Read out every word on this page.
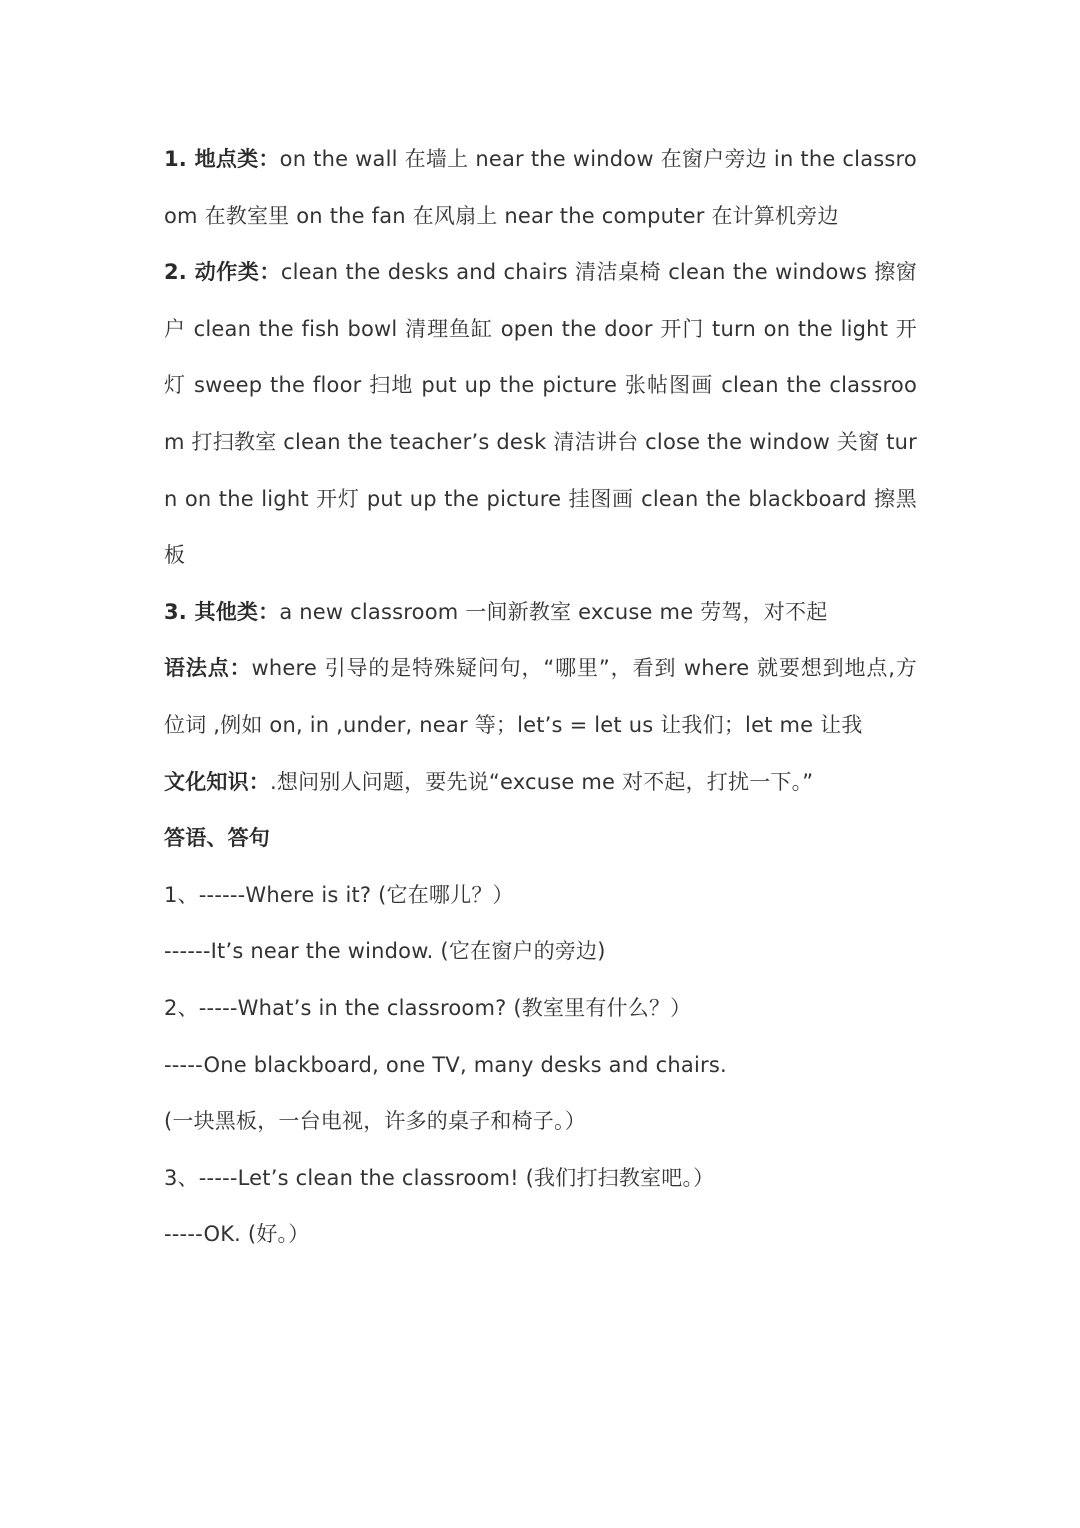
1. 地点类：on the wall 在墙上 near the window 在窗户旁边 in the classroom 在教室里 on the fan 在风扇上 near the computer 在计算机旁边

2. 动作类：clean the desks and chairs 清洁桌椅 clean the windows 擦窗户 clean the fish bowl 清理鱼缸 open the door 开门 turn on the light 开灯 sweep the floor 扫地 put up the picture 张帖图画 clean the classroom 打扫教室 clean the teacher’s desk 清洁讲台 close the window 关窗 turn on the light 开灯 put up the picture 挂图画 clean the blackboard 擦黑板

3. 其他类：a new classroom 一间新教室 excuse me 劳驾，对不起

语法点：where 引导的是特殊疑问句，“哪里”，看到 where 就要想到地点,方位词 ,例如 on, in ,under, near 等；let’s = let us 让我们；let me 让我

文化知识：.想问别人问题，要先说“excuse me 对不起，打扰一下。”

答语、答句

1、------Where is it? (它在哪儿？）

------It’s near the window. (它在窗户的旁边)

2、-----What’s in the classroom? (教室里有什么？）

-----One blackboard, one TV, many desks and chairs.

(一块黑板，一台电视，许多的桌子和椅子。）

3、-----Let’s clean the classroom! (我们打扫教室吧。）

-----OK. (好。）
